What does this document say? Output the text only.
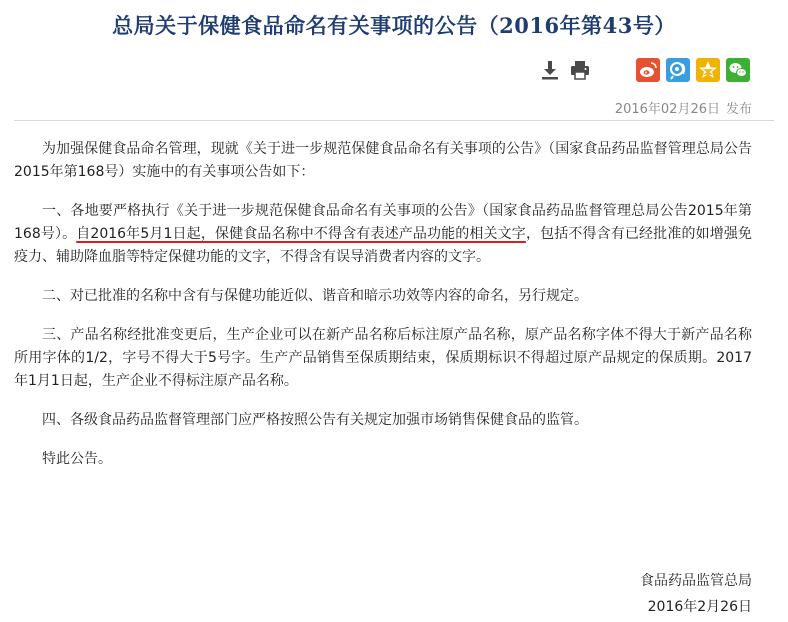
总局关于保健食品命名有关事项的公告（2016年第43号）
2016年02月26日 发布

为加强保健食品命名管理，现就《关于进一步规范保健食品命名有关事项的公告》（国家食品药品监督管理总局公告2015年第168号）实施中的有关事项公告如下：

一、各地要严格执行《关于进一步规范保健食品命名有关事项的公告》（国家食品药品监督管理总局公告2015年第168号）。自2016年5月1日起，保健食品名称中不得含有表述产品功能的相关文字，包括不得含有已经批准的如增强免疫力、辅助降血脂等特定保健功能的文字，不得含有误导消费者内容的文字。

二、对已批准的名称中含有与保健功能近似、谐音和暗示功效等内容的命名，另行规定。

三、产品名称经批准变更后，生产企业可以在新产品名称后标注原产品名称，原产品名称字体不得大于新产品名称所用字体的1/2，字号不得大于5号字。生产产品销售至保质期结束，保质期标识不得超过原产品规定的保质期。2017年1月1日起，生产企业不得标注原产品名称。

四、各级食品药品监督管理部门应严格按照公告有关规定加强市场销售保健食品的监管。

特此公告。

食品药品监管总局
2016年2月26日
